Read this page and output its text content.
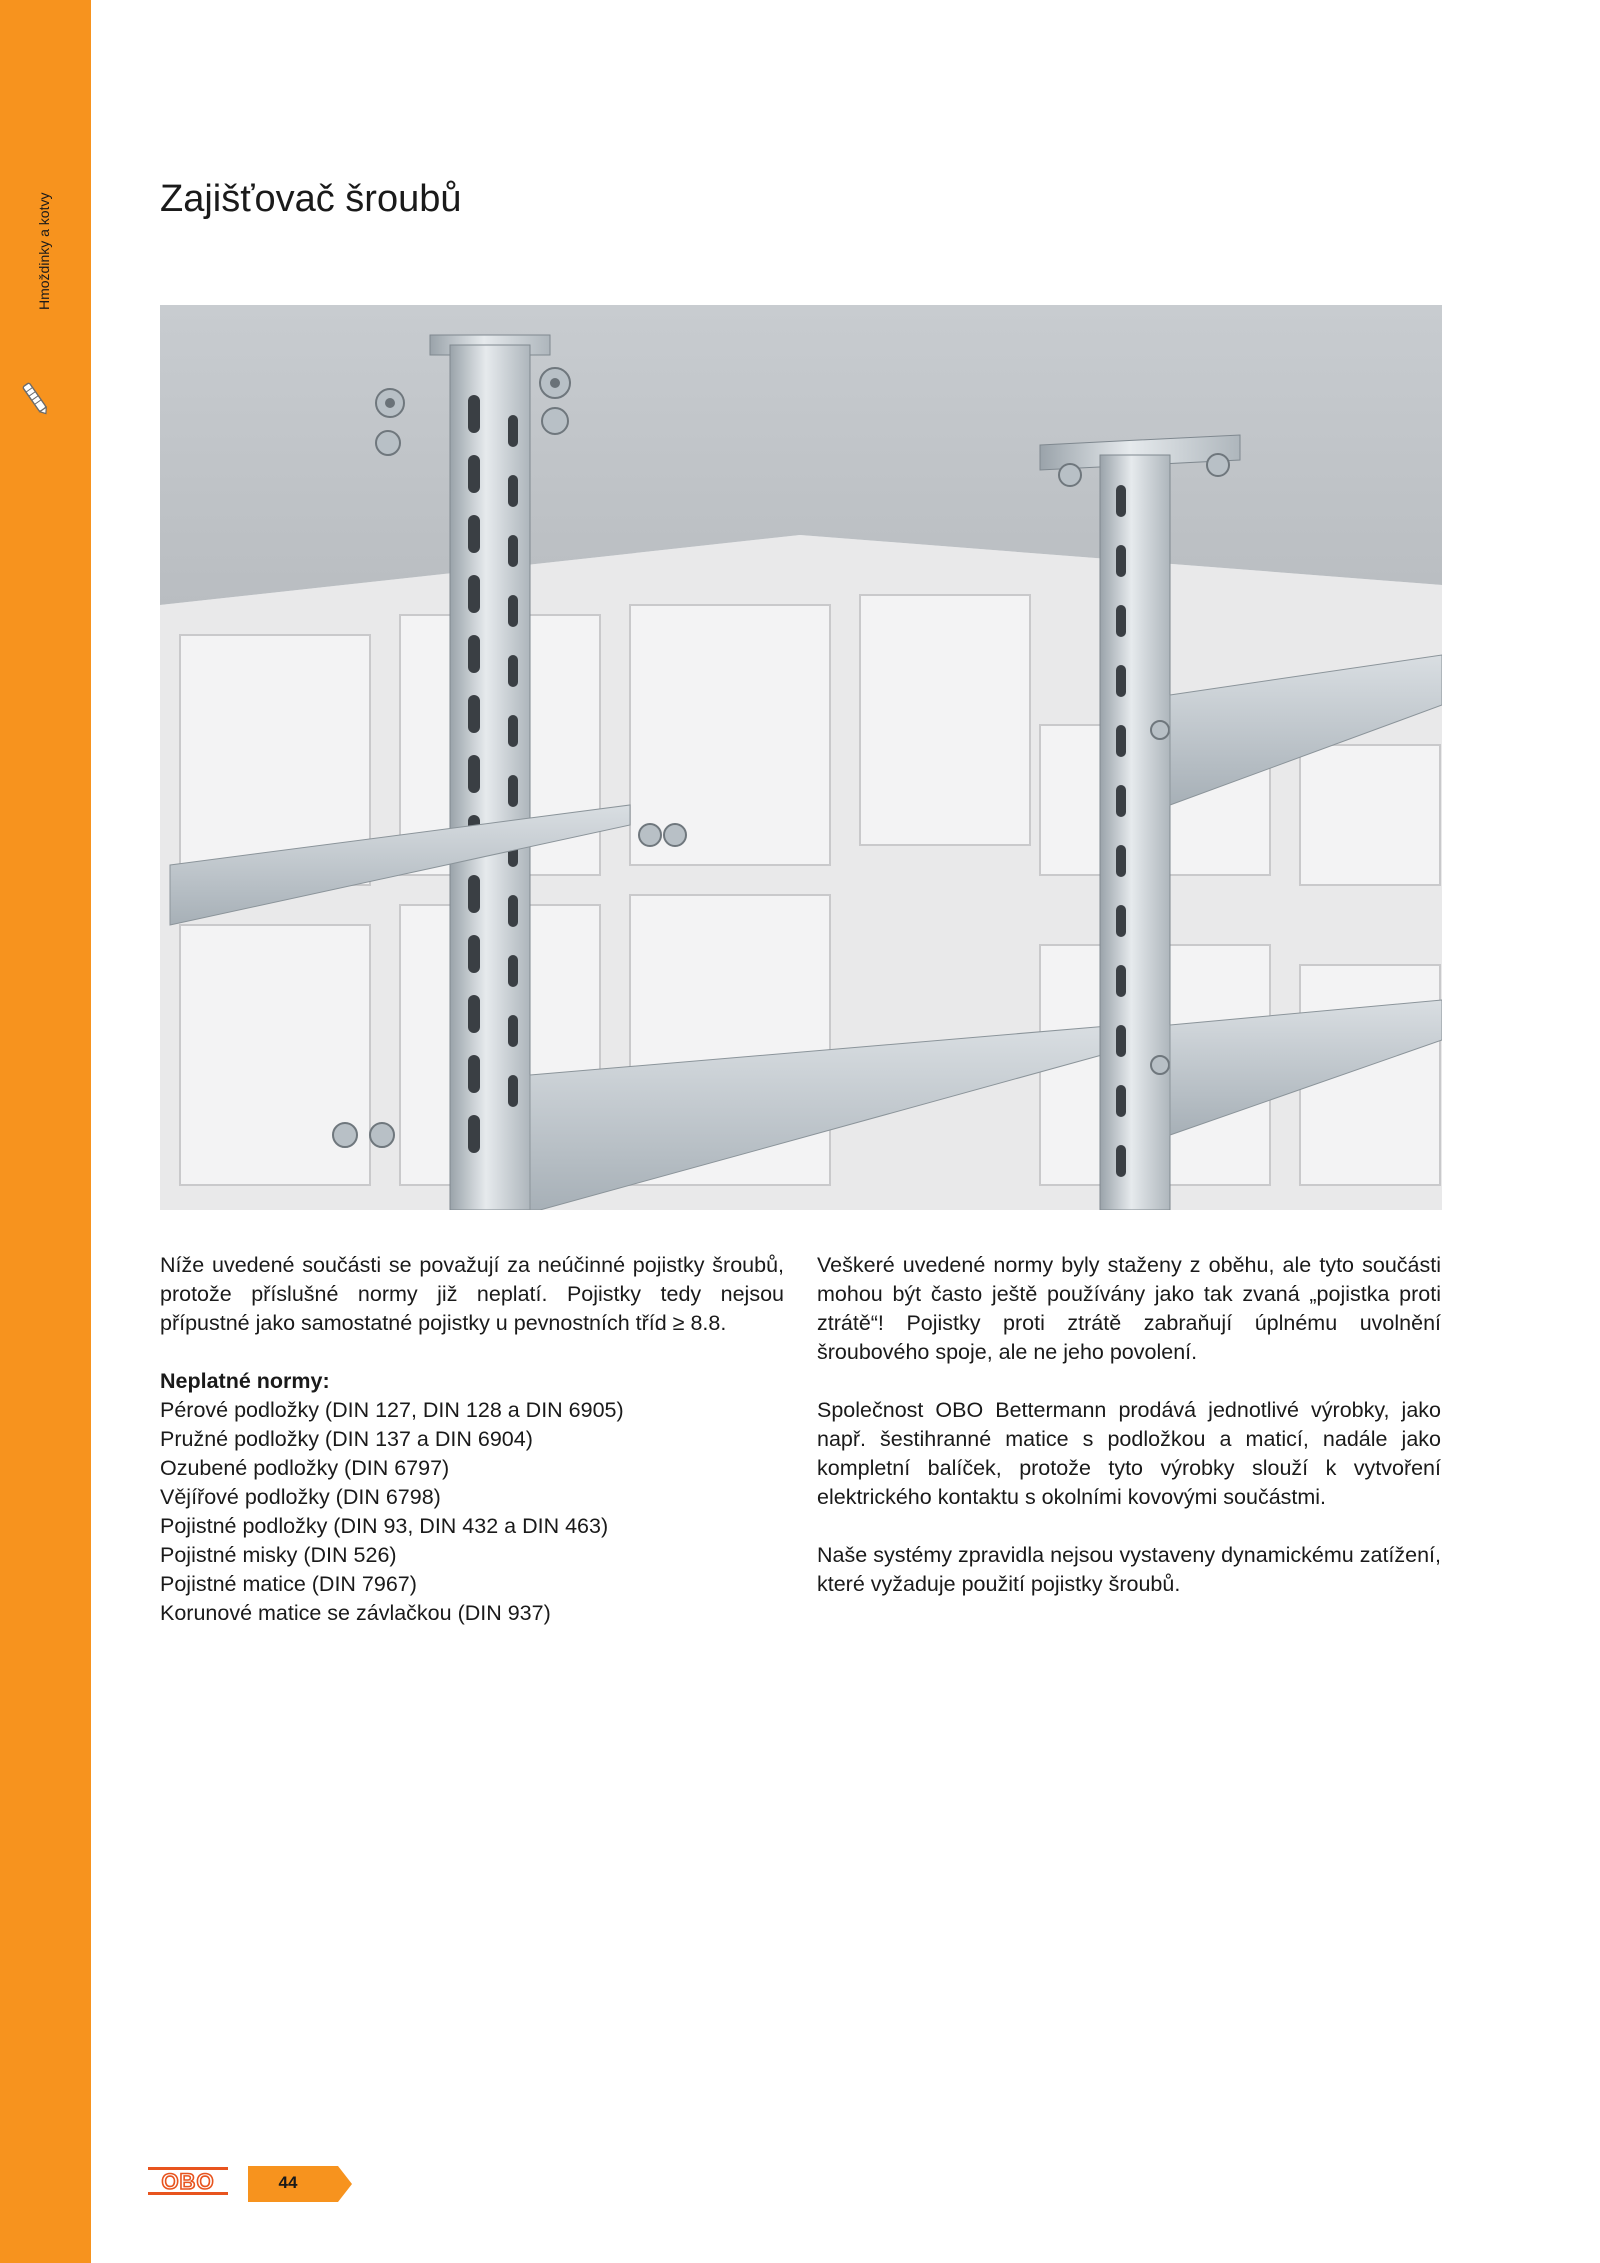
Hmoždinky a kotvy	Zajišťovač šroubů

Níže uvedené součásti se považují za neúčinné pojistky šroubů, protože příslušné normy již neplatí. Pojistky tedy nejsou přípustné jako samostatné pojistky u pevnostních tříd ≥ 8.8.

Neplatné normy:
Pérové podložky (DIN 127, DIN 128 a DIN 6905)
Pružné podložky (DIN 137 a DIN 6904)
Ozubené podložky (DIN 6797)
Vějířové podložky (DIN 6798)
Pojistné podložky (DIN 93, DIN 432 a DIN 463)
Pojistné misky (DIN 526)
Pojistné matice (DIN 7967)
Korunové matice se závlačkou (DIN 937)

Veškeré uvedené normy byly staženy z oběhu, ale tyto součásti mohou být často ještě používány jako tak zvaná „pojistka proti ztrátě“! Pojistky proti ztrátě zabraňují úplnému uvolnění šroubového spoje, ale ne jeho povolení.

Společnost OBO Bettermann prodává jednotlivé výrobky, jako např. šestihranné matice s podložkou a maticí, nadále jako kompletní balíček, protože tyto výrobky slouží k vytvoření elektrického kontaktu s okolními kovovými součástmi.

Naše systémy zpravidla nejsou vystaveny dynamickému zatížení, které vyžaduje použití pojistky šroubů.

OBO	44
